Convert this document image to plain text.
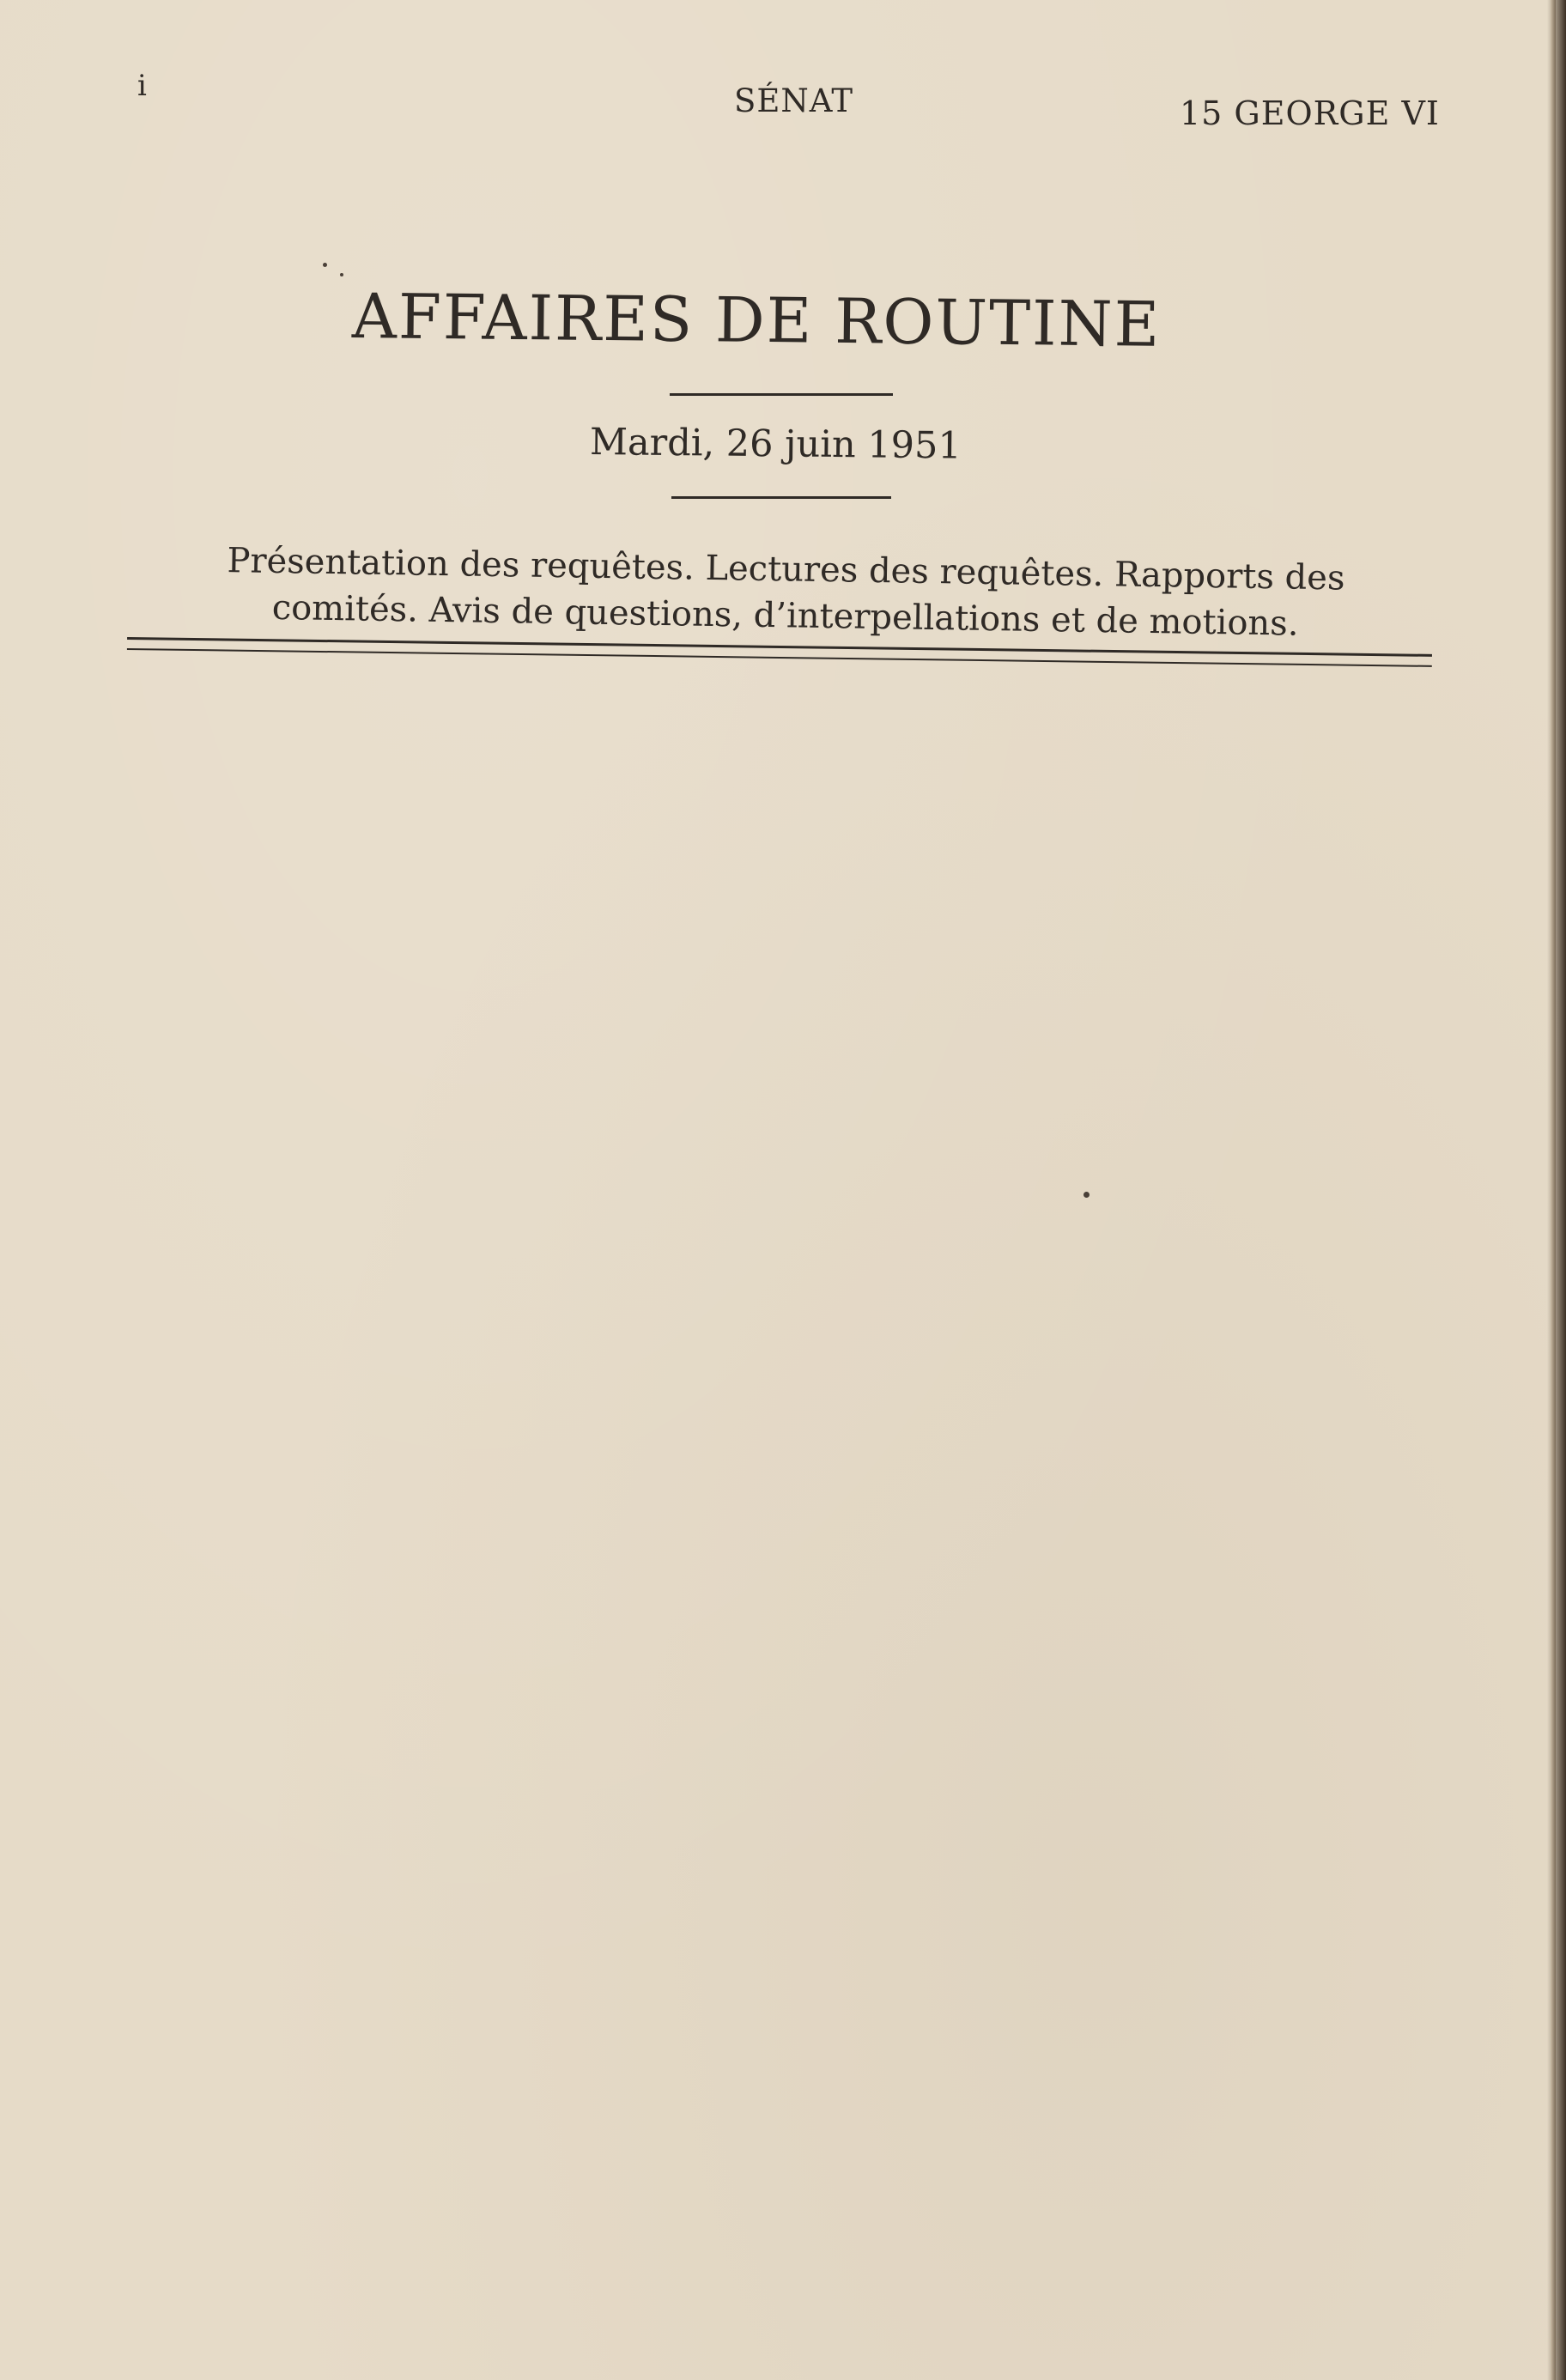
i	SÉNAT	15 GEORGE VI
AFFAIRES DE ROUTINE
Mardi, 26 juin 1951
Présentation des requêtes. Lectures des requêtes. Rapports des comités. Avis de questions, d’interpellations et de motions.
